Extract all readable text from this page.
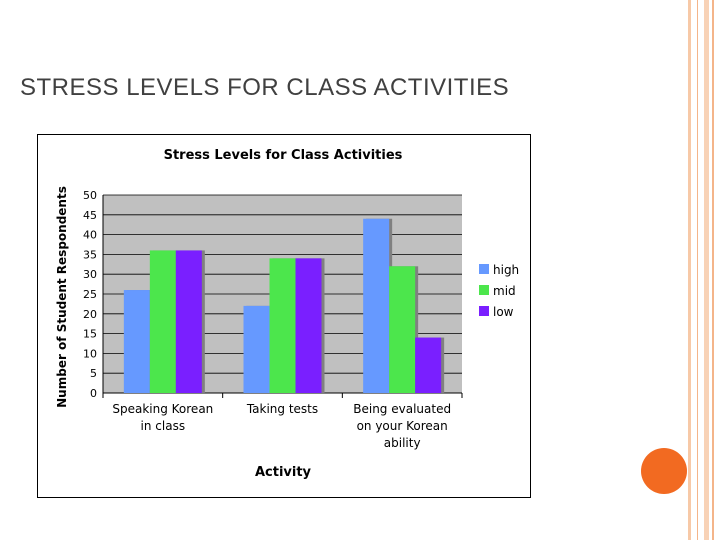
STRESS LEVELS FOR CLASS ACTIVITIES
Stress Levels for Class Activities
Number of Student Respondents
Activity
0
5
10
15
20
25
30
35
40
45
50
Speaking Korean
in class
Taking tests	Being evaluated
on your Korean
ability
high
mid
low
